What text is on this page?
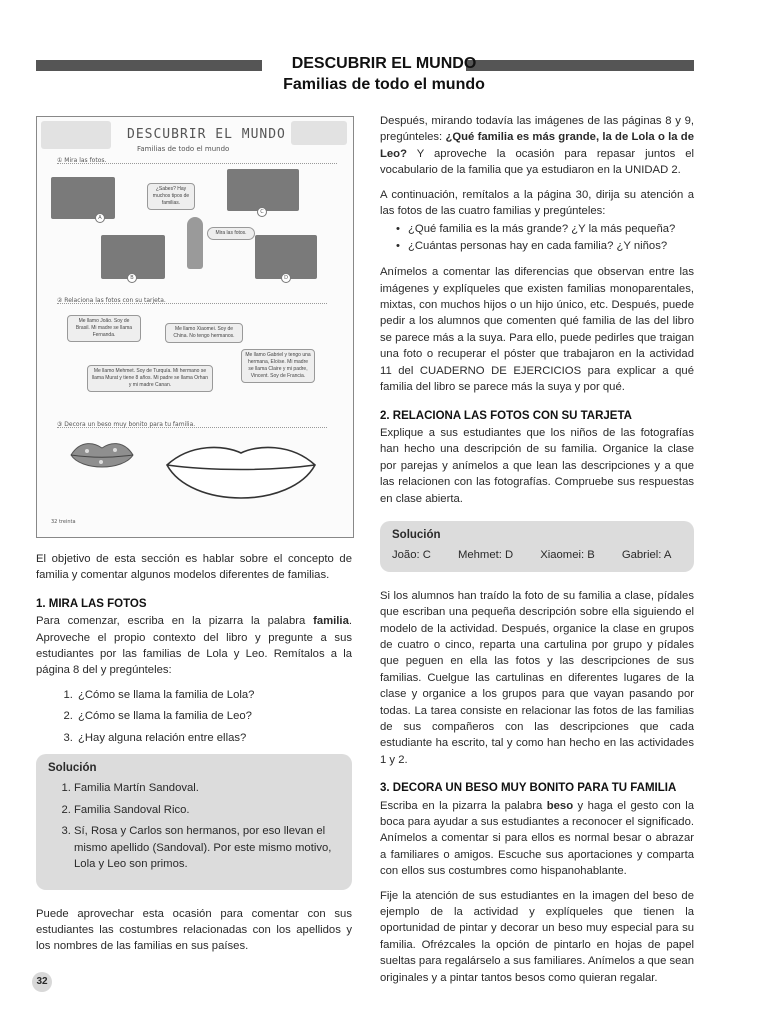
DESCUBRIR EL MUNDO
Familias de todo el mundo
DESCUBRIR EL MUNDO
Familias de todo el mundo
① Mira las fotos.
A
¿Sabes? Hay muchos tipos de familias.
Mira las fotos.
C
B	D
② Relaciona las fotos con su tarjeta.
Me llamo João. Soy de Brasil. Mi madre se llama Fernanda.
Me llamo Xiaomei. Soy de China. No tengo hermanos.
Me llamo Mehmet. Soy de Turquía. Mi hermano se llama Murat y tiene 8 años. Mi padre se llama Orhan y mi madre Canan.
Me llamo Gabriel y tengo una hermana, Eloïse. Mi madre se llama Claire y mi padre, Vincent. Soy de Francia.
③ Decora un beso muy bonito para tu familia.
32 treinta

El objetivo de esta sección es hablar sobre el concepto de familia y comentar algunos modelos diferentes de familias.

1. MIRA LAS FOTOS

Para comenzar, escriba en la pizarra la palabra familia. Aproveche el propio contexto del libro y pregunte a sus estudiantes por las familias de Lola y Leo. Remítalos a la página 8 del y pregúnteles:

1. ¿Cómo se llama la familia de Lola?
2. ¿Cómo se llama la familia de Leo?
3. ¿Hay alguna relación entre ellas?
Solución
1. Familia Martín Sandoval.
2. Familia Sandoval Rico.
3. Sí, Rosa y Carlos son hermanos, por eso llevan el mismo apellido (Sandoval). Por este mismo motivo, Lola y Leo son primos.

Puede aprovechar esta ocasión para comentar con sus estudiantes las costumbres relacionadas con los apellidos y los nombres de las familias en sus países.

Después, mirando todavía las imágenes de las páginas 8 y 9, pregúnteles: ¿Qué familia es más grande, la de Lola o la de Leo? Y aproveche la ocasión para repasar juntos el vocabulario de la familia que ya estudiaron en la UNIDAD 2.

A continuación, remítalos a la página 30, dirija su atención a las fotos de las cuatro familias y pregúnteles:

• ¿Qué familia es la más grande? ¿Y la más pequeña?
• ¿Cuántas personas hay en cada familia? ¿Y niños?

Anímelos a comentar las diferencias que observan entre las imágenes y explíqueles que existen familias monoparentales, mixtas, con muchos hijos o un hijo único, etc. Después, puede pedir a los alumnos que comenten qué familia de las del libro se parece más a la suya. Para ello, puede pedirles que traigan una foto o recuperar el póster que trabajaron en la actividad 11 del CUADERNO DE EJERCICIOS para explicar a qué familia del libro se parece más la suya y por qué.

2. RELACIONA LAS FOTOS CON SU TARJETA

Explique a sus estudiantes que los niños de las fotografías han hecho una descripción de su familia. Organice la clase por parejas y anímelos a que lean las descripciones y a que las relacionen con las fotografías. Compruebe sus respuestas en clase abierta.

Solución
João: C Mehmet: D Xiaomei: B Gabriel: A

Si los alumnos han traído la foto de su familia a clase, pídales que escriban una pequeña descripción sobre ella siguiendo el modelo de la actividad. Después, organice la clase en grupos de cuatro o cinco, reparta una cartulina por grupo y pídales que peguen en ella las fotos y las descripciones de sus familias. Cuelgue las cartulinas en diferentes lugares de la clase y organice a los grupos para que vayan pasando por todas. La tarea consiste en relacionar las fotos de las familias de sus compañeros con las descripciones que cada estudiante ha escrito, tal y como han hecho en las actividades 1 y 2.

3. DECORA UN BESO MUY BONITO PARA TU FAMILIA

Escriba en la pizarra la palabra beso y haga el gesto con la boca para ayudar a sus estudiantes a reconocer el significado. Anímelos a comentar si para ellos es normal besar o abrazar a familiares o amigos. Escuche sus aportaciones y comparta con ellos sus costumbres como hispanohablante.

Fije la atención de sus estudiantes en la imagen del beso de ejemplo de la actividad y explíqueles que tienen la oportunidad de pintar y decorar un beso muy especial para su familia. Ofrézcales la opción de pintarlo en hojas de papel sueltas para regalárselo a sus familiares. Anímelos a que sean originales y a pintar tantos besos como quieran regalar.

32
